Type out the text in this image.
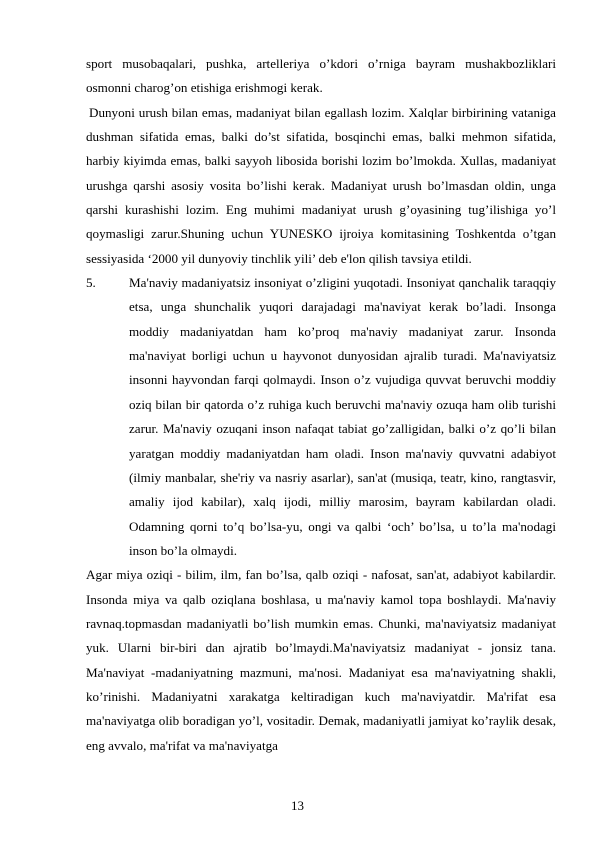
sport musobaqalari, pushka, artelleriya o’kdori o’rniga bayram mushakbozliklari osmonni charog’on etishiga erishmogi kerak.

Dunyoni urush bilan emas, madaniyat bilan egallash lozim. Xalqlar birbirining vataniga dushman sifatida emas, balki do’st sifatida, bosqinchi emas, balki mehmon sifatida, harbiy kiyimda emas, balki sayyoh libosida borishi lozim bo’lmokda. Xullas, madaniyat urushga qarshi asosiy vosita bo’lishi kerak. Madaniyat urush bo’lmasdan oldin, unga qarshi kurashishi lozim. Eng muhimi madaniyat urush g’oyasining tug’ilishiga yo’l qoymasligi zarur.Shuning uchun YUNESKO ijroiya komitasining Toshkentda o’tgan sessiyasida ‘2000 yil dunyoviy tinchlik yili’ deb e'lon qilish tavsiya etildi.

5.	Ma'naviy madaniyatsiz insoniyat o’zligini yuqotadi. Insoniyat qanchalik taraqqiy etsa, unga shunchalik yuqori darajadagi ma'naviyat kerak bo’ladi. Insonga moddiy madaniyatdan ham ko’proq ma'naviy madaniyat zarur. Insonda ma'naviyat borligi uchun u hayvonot dunyosidan ajralib turadi. Ma'naviyatsiz insonni hayvondan farqi qolmaydi. Inson o’z vujudiga quvvat beruvchi moddiy oziq bilan bir qatorda o’z ruhiga kuch beruvchi ma'naviy ozuqa ham olib turishi zarur. Ma'naviy ozuqani inson nafaqat tabiat go’zalligidan, balki o’z qo’li bilan yaratgan moddiy madaniyatdan ham oladi. Inson ma'naviy quvvatni adabiyot (ilmiy manbalar, she'riy va nasriy asarlar), san'at (musiqa, teatr, kino, rangtasvir, amaliy ijod kabilar), xalq ijodi, milliy marosim, bayram kabilardan oladi. Odamning qorni to’q bo’lsa-yu, ongi va qalbi ‘och’ bo’lsa, u to’la ma'nodagi inson bo’la olmaydi.

Agar miya oziqi - bilim, ilm, fan bo’lsa, qalb oziqi - nafosat, san'at, adabiyot kabilardir. Insonda miya va qalb oziqlana boshlasa, u ma'naviy kamol topa boshlaydi. Ma'naviy ravnaq.topmasdan madaniyatli bo’lish mumkin emas. Chunki, ma'naviyatsiz madaniyat yuk. Ularni bir-biri dan ajratib bo’lmaydi.Ma'naviyatsiz madaniyat - jonsiz tana. Ma'naviyat -madaniyatning mazmuni, ma'nosi. Madaniyat esa ma'naviyatning shakli, ko’rinishi. Madaniyatni xarakatga keltiradigan kuch ma'naviyatdir. Ma'rifat esa ma'naviyatga olib boradigan yo’l, vositadir. Demak, madaniyatli jamiyat ko’raylik desak, eng avvalo, ma'rifat va ma'naviyatga

13
